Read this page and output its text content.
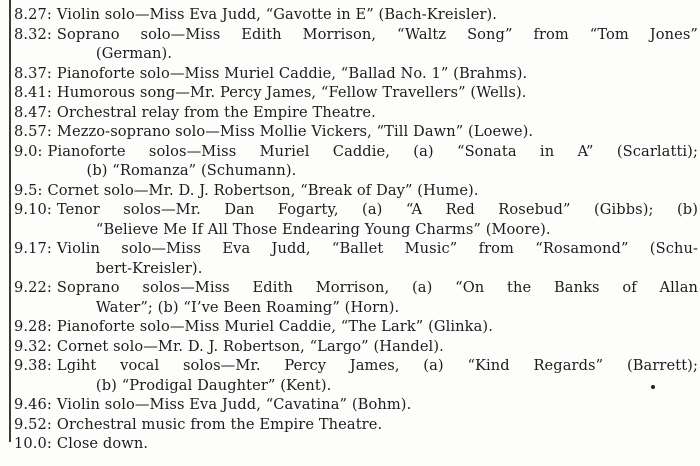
8.27: Violin solo—Miss Eva Judd, “Gavotte in E” (Bach-Kreisler).
8.32: Soprano solo—Miss Edith Morrison, “Waltz Song” from “Tom Jones”
(German).
8.37: Pianoforte solo—Miss Muriel Caddie, “Ballad No. 1” (Brahms).
8.41: Humorous song—Mr. Percy James, “Fellow Travellers” (Wells).
8.47: Orchestral relay from the Empire Theatre.
8.57: Mezzo-soprano solo—Miss Mollie Vickers, “Till Dawn” (Loewe).
9.0: Pianoforte solos—Miss Muriel Caddie, (a) “Sonata in A” (Scarlatti);
(b) “Romanza” (Schumann).
9.5: Cornet solo—Mr. D. J. Robertson, “Break of Day” (Hume).
9.10: Tenor solos—Mr. Dan Fogarty, (a) “A Red Rosebud” (Gibbs); (b)
“Believe Me If All Those Endearing Young Charms” (Moore).
9.17: Violin solo—Miss Eva Judd, “Ballet Music” from “Rosamond” (Schu-
bert-Kreisler).
9.22: Soprano solos—Miss Edith Morrison, (a) “On the Banks of Allan
Water”; (b) “I’ve Been Roaming” (Horn).
9.28: Pianoforte solo—Miss Muriel Caddie, “The Lark” (Glinka).
9.32: Cornet solo—Mr. D. J. Robertson, “Largo” (Handel).
9.38: Lgiht vocal solos—Mr. Percy James, (a) “Kind Regards” (Barrett);
(b) “Prodigal Daughter” (Kent).
9.46: Violin solo—Miss Eva Judd, “Cavatina” (Bohm).
9.52: Orchestral music from the Empire Theatre.
10.0: Close down.
